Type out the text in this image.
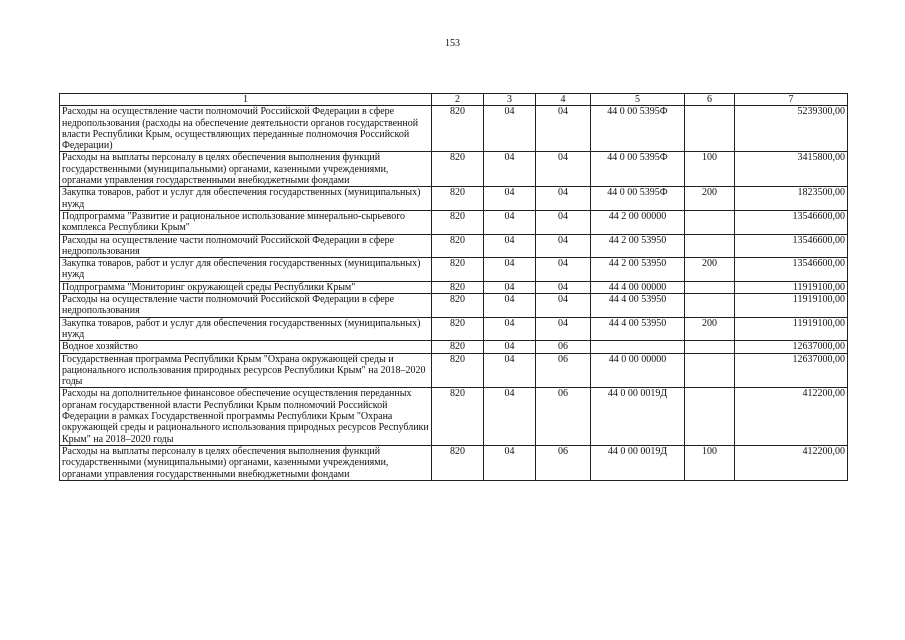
153
1	2	3	4	5	6	7
Расходы на осуществление части полномочий Российской Федерации в сфере недропользования (расходы на обеспечение деятельности органов государственной власти Республики Крым, осуществляющих переданные полномочия Российской Федерации)	820	04	04	44 0 00 5395Ф		5239300,00
Расходы на выплаты персоналу в целях обеспечения выполнения функций государственными (муниципальными) органами, казенными учреждениями, органами управления государственными внебюджетными фондами	820	04	04	44 0 00 5395Ф	100	3415800,00
Закупка товаров, работ и услуг для обеспечения государственных (муниципальных) нужд	820	04	04	44 0 00 5395Ф	200	1823500,00
Подпрограмма "Развитие и рациональное использование минерально-сырьевого комплекса Республики Крым"	820	04	04	44 2 00 00000		13546600,00
Расходы на осуществление части полномочий Российской Федерации в сфере недропользования	820	04	04	44 2 00 53950		13546600,00
Закупка товаров, работ и услуг для обеспечения государственных (муниципальных) нужд	820	04	04	44 2 00 53950	200	13546600,00
Подпрограмма "Мониторинг окружающей среды Республики Крым"	820	04	04	44 4 00 00000		11919100,00
Расходы на осуществление части полномочий Российской Федерации в сфере недропользования	820	04	04	44 4 00 53950		11919100,00
Закупка товаров, работ и услуг для обеспечения государственных (муниципальных) нужд	820	04	04	44 4 00 53950	200	11919100,00
Водное хозяйство	820	04	06			12637000,00
Государственная программа Республики Крым "Охрана окружающей среды и рационального использования природных ресурсов Республики Крым" на 2018–2020 годы	820	04	06	44 0 00 00000		12637000,00
Расходы на дополнительное финансовое обеспечение осуществления переданных органам государственной власти Республики Крым полномочий Российской Федерации в рамках Государственной программы Республики Крым "Охрана окружающей среды и рационального использования природных ресурсов Республики Крым" на 2018–2020 годы	820	04	06	44 0 00 0019Д		412200,00
Расходы на выплаты персоналу в целях обеспечения выполнения функций государственными (муниципальными) органами, казенными учреждениями, органами управления государственными внебюджетными фондами	820	04	06	44 0 00 0019Д	100	412200,00
